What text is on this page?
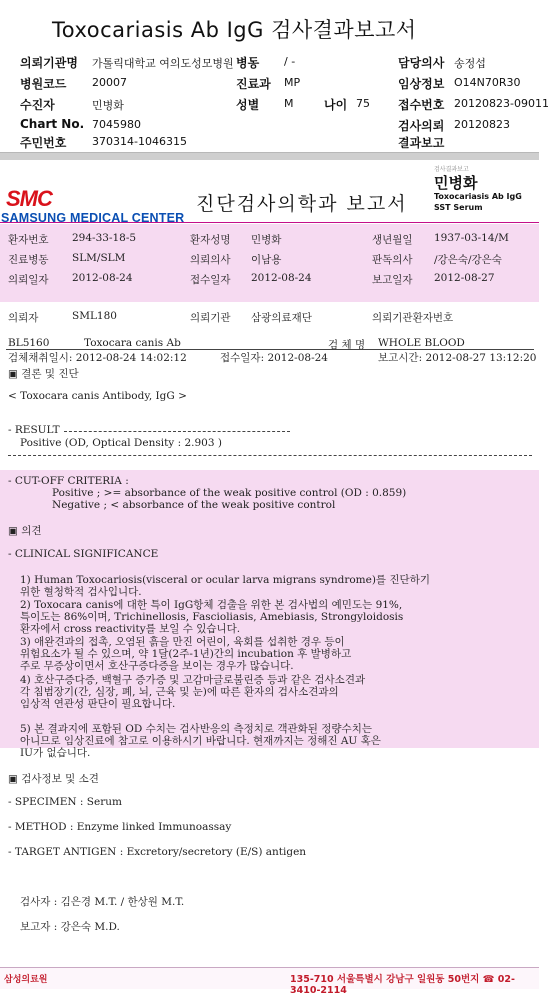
Toxocariasis Ab IgG 검사결과보고서
의뢰기관명 가톨릭대학교 여의도성모병원 병동 / -	담당의사 송정섭
병원코드 20007	진료과 MP	임상정보 O14N70R30
수진자	민병화	성별 M	나이 75 접수번호 20120823-09011
Chart No. 7045980	검사의뢰 20120823
주민번호 370314-1046315	결과보고
SMC
SAMSUNG MEDICAL CENTER
진단검사의학과 보고서
검사결과보고
민병화
Toxocariasis Ab IgG
SST Serum
환자번호 294-33-18-5	환자성명 민병화	생년월일 1937-03-14/M
진료병동 SLM/SLM	의뢰의사 이남용	판독의사 /강은숙/강은숙
의뢰일자 2012-08-24	접수일자 2012-08-24	보고일자 2012-08-27
의뢰자	SML180	의뢰기관 삼광의료재단	의뢰기관환자번호
BL5160	Toxocara canis Ab	검 체 명 WHOLE BLOOD
검체채취일시: 2012-08-24 14:02:12	접수일자: 2012-08-24	보고시간: 2012-08-27 13:12:20
▣ 결론 및 진단
< Toxocara canis Antibody, IgG >
- RESULT
Positive (OD, Optical Density : 2.903 )
- CUT-OFF CRITERIA :
Positive ; >= absorbance of the weak positive control (OD : 0.859)
Negative ; < absorbance of the weak positive control
▣ 의견
- CLINICAL SIGNIFICANCE
1) Human Toxocariosis(visceral or ocular larva migrans syndrome)를 진단하기
위한 혈청학적 검사입니다.
2) Toxocara canis에 대한 특이 IgG항체 검출을 위한 본 검사법의 예민도는 91%,
특이도는 86%이며, Trichinellosis, Fascioliasis, Amebiasis, Strongyloidosis
환자에서 cross reactivity를 보일 수 있습니다.
3) 애완견과의 접촉, 오염된 흙을 만진 어린이, 육회를 섭취한 경우 등이
위험요소가 될 수 있으며, 약 1달(2주-1년)간의 incubation 후 발병하고
주로 무증상이면서 호산구증다증을 보이는 경우가 많습니다.
4) 호산구증다증, 백혈구 증가증 및 고감마글로불린증 등과 같은 검사소견과
각 침범장기(간, 심장, 폐, 뇌, 근육 및 눈)에 따른 환자의 검사소견과의
임상적 연관성 판단이 필요합니다.
5) 본 결과지에 포함된 OD 수치는 검사반응의 측정치로 객관화된 정량수치는
아니므로 임상진료에 참고로 이용하시기 바랍니다. 현재까지는 정해진 AU 혹은
IU가 없습니다.
▣ 검사정보 및 소견
- SPECIMEN : Serum
- METHOD : Enzyme linked Immunoassay
- TARGET ANTIGEN : Excretory/secretory (E/S) antigen
검사자 : 김은경 M.T. / 한상원 M.T.
보고자 : 강은숙 M.D.
삼성의료원	135-710 서울특별시 강남구 일원동 50번지 ☎ 02-3410-2114
